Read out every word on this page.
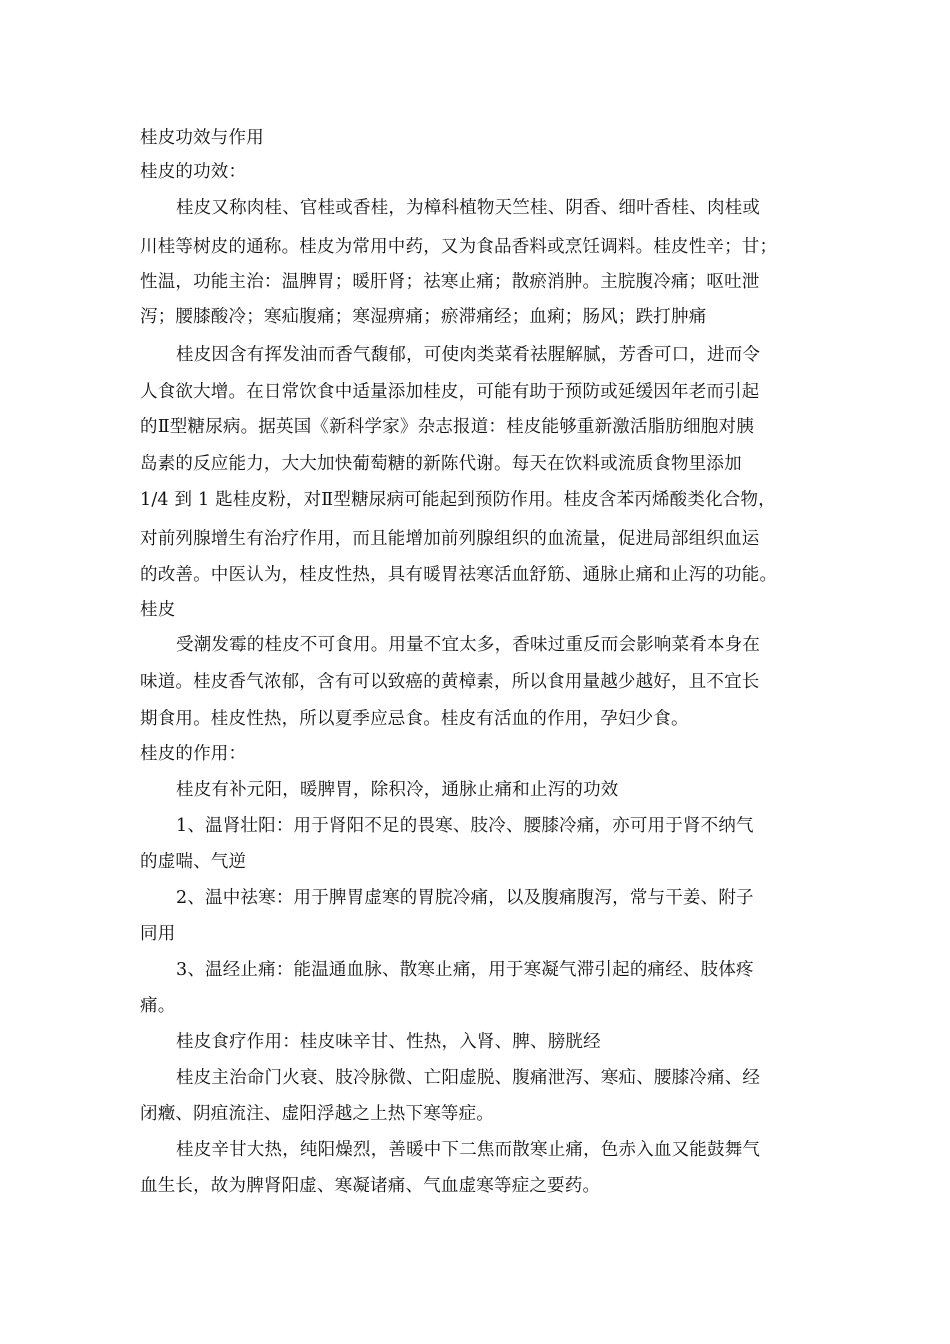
桂皮功效与作用
桂皮的功效：
桂皮又称肉桂、官桂或香桂，为樟科植物天竺桂、阴香、细叶香桂、肉桂或
川桂等树皮的通称。桂皮为常用中药，又为食品香料或烹饪调料。桂皮性辛；甘；
性温，功能主治：温脾胃；暖肝肾；祛寒止痛；散瘀消肿。主脘腹冷痛；呕吐泄
泻；腰膝酸冷；寒疝腹痛；寒湿痹痛；瘀滞痛经；血痢；肠风；跌打肿痛
桂皮因含有挥发油而香气馥郁，可使肉类菜肴祛腥解腻，芳香可口，进而令
人食欲大增。在日常饮食中适量添加桂皮，可能有助于预防或延缓因年老而引起
的Ⅱ型糖尿病。据英国《新科学家》杂志报道：桂皮能够重新激活脂肪细胞对胰
岛素的反应能力，大大加快葡萄糖的新陈代谢。每天在饮料或流质食物里添加
1/4 到 1 匙桂皮粉，对Ⅱ型糖尿病可能起到预防作用。桂皮含苯丙烯酸类化合物，
对前列腺增生有治疗作用，而且能增加前列腺组织的血流量，促进局部组织血运
的改善。中医认为，桂皮性热，具有暖胃祛寒活血舒筋、通脉止痛和止泻的功能。
桂皮
受潮发霉的桂皮不可食用。用量不宜太多，香味过重反而会影响菜肴本身在
味道。桂皮香气浓郁，含有可以致癌的黄樟素，所以食用量越少越好，且不宜长
期食用。桂皮性热，所以夏季应忌食。桂皮有活血的作用，孕妇少食。
桂皮的作用：
桂皮有补元阳，暖脾胃，除积冷，通脉止痛和止泻的功效
1、温肾壮阳：用于肾阳不足的畏寒、肢冷、腰膝冷痛，亦可用于肾不纳气
的虚喘、气逆
2、温中祛寒：用于脾胃虚寒的胃脘冷痛，以及腹痛腹泻，常与干姜、附子
同用
3、温经止痛：能温通血脉、散寒止痛，用于寒凝气滞引起的痛经、肢体疼
痛。
桂皮食疗作用：桂皮味辛甘、性热，入肾、脾、膀胱经
桂皮主治命门火衰、肢冷脉微、亡阳虚脱、腹痛泄泻、寒疝、腰膝冷痛、经
闭癥、阴疽流注、虚阳浮越之上热下寒等症。
桂皮辛甘大热，纯阳燥烈，善暖中下二焦而散寒止痛，色赤入血又能鼓舞气
血生长，故为脾肾阳虚、寒凝诸痛、气血虚寒等症之要药。
